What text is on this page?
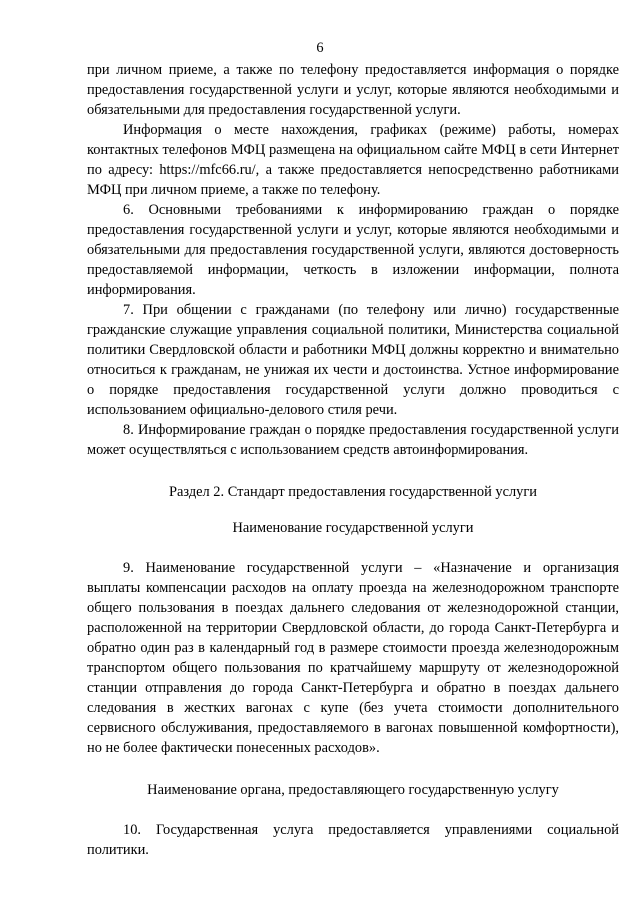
6

при личном приеме, а также по телефону предоставляется информация о порядке предоставления государственной услуги и услуг, которые являются необходимыми и обязательными для предоставления государственной услуги.

Информация о месте нахождения, графиках (режиме) работы, номерах контактных телефонов МФЦ размещена на официальном сайте МФЦ в сети Интернет по адресу: https://mfc66.ru/, а также предоставляется непосредственно работниками МФЦ при личном приеме, а также по телефону.

6. Основными требованиями к информированию граждан о порядке предоставления государственной услуги и услуг, которые являются необходимыми и обязательными для предоставления государственной услуги, являются достоверность предоставляемой информации, четкость в изложении информации, полнота информирования.

7. При общении с гражданами (по телефону или лично) государственные гражданские служащие управления социальной политики, Министерства социальной политики Свердловской области и работники МФЦ должны корректно и внимательно относиться к гражданам, не унижая их чести и достоинства. Устное информирование о порядке предоставления государственной услуги должно проводиться с использованием официально-делового стиля речи.

8. Информирование граждан о порядке предоставления государственной услуги может осуществляться с использованием средств автоинформирования.

Раздел 2. Стандарт предоставления государственной услуги

Наименование государственной услуги

9. Наименование государственной услуги – «Назначение и организация выплаты компенсации расходов на оплату проезда на железнодорожном транспорте общего пользования в поездах дальнего следования от железнодорожной станции, расположенной на территории Свердловской области, до города Санкт-Петербурга и обратно один раз в календарный год в размере стоимости проезда железнодорожным транспортом общего пользования по кратчайшему маршруту от железнодорожной станции отправления до города Санкт-Петербурга и обратно в поездах дальнего следования в жестких вагонах с купе (без учета стоимости дополнительного сервисного обслуживания, предоставляемого в вагонах повышенной комфортности), но не более фактически понесенных расходов».

Наименование органа, предоставляющего государственную услугу

10. Государственная услуга предоставляется управлениями социальной политики.
